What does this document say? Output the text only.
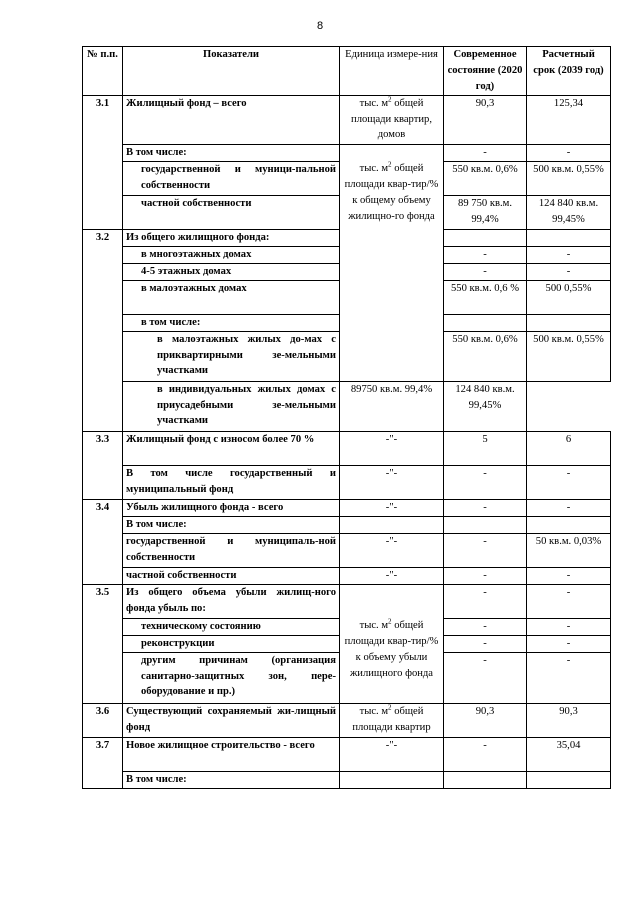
8
№ п.п.	Показатели	Единица измере-ния	Современное состояние (2020 год)	Расчетный срок (2039 год)
3.1	Жилищный фонд – всего	тыс. $м^2$ общей площади квартир, домов	90,3	125,34
	В том числе:		-	-
	государственной и муници-пальной собственности	тыс. $м^2$ общей площади квар-тир/% к общему объему жилищно-го фонда	550 кв.м. 0,6%	500 кв.м. 0,55%
	частной собственности		89 750 кв.м. 99,4%	124 840 кв.м. 99,45%
3.2	Из общего жилищного фонда:			
	в многоэтажных домах		-	-
	4-5 этажных домах		-	-
	в малоэтажных домах		550 кв.м. 0,6 %	500 0,55%
	в том числе:			
	в малоэтажных жилых до-мах с приквартирными зе-мельными участками		550 кв.м. 0,6%	500 кв.м. 0,55%
	в индивидуальных жилых домах с приусадебными зе-мельными участками	89750 кв.м. 99,4%	124 840 кв.м. 99,45%	
3.3	Жилищный фонд с износом более 70 %	-"-	5	6
	В том числе государственный и муниципальный фонд	-"-	-	-
3.4	Убыль жилищного фонда - всего	-"-	-	-
	В том числе:			
	государственной и муниципаль-ной собственности	-"-	-	50 кв.м. 0,03%
	частной собственности	-"-	-	-
3.5	Из общего объема убыли жилищ-ного фонда убыль по:		-	-
	техническому состоянию	тыс. $м^2$ общей площади квар-тир/% к объему убыли жилищного фонда	-	-
	реконструкции		-	-
	другим причинам (организация санитарно-защитных зон, пере-оборудование и пр.)		-	-
3.6	Существующий сохраняемый жи-лищный фонд	тыс. $м^2$ общей площади квартир	90,3	90,3
3.7	Новое жилищное строительство - всего	-"-	-	35,04
	В том числе:			
